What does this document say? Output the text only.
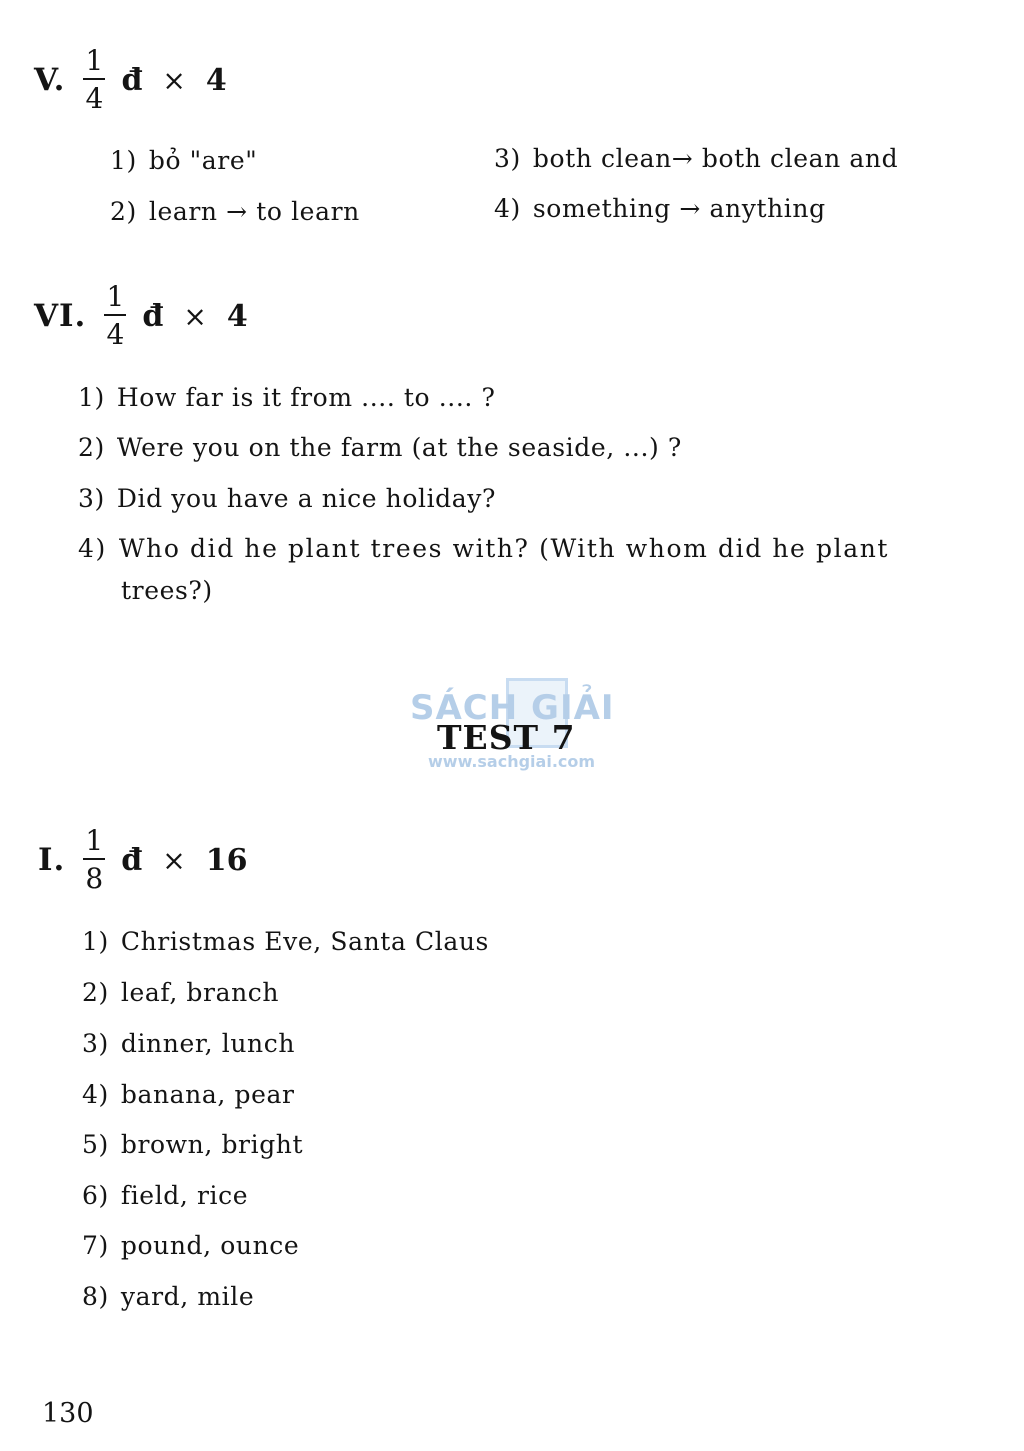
V. $\frac{1}{4}$ đ × 4
1) bỏ "are"
2) learn → to learn
3) both clean→ both clean and
4) something → anything
VI. $\frac{1}{4}$ đ × 4
1) How far is it from .... to .... ?
2) Were you on the farm (at the seaside, ...) ?
3) Did you have a nice holiday?
4) Who did he plant trees with? (With whom did he plant
trees?)
SÁCH GIẢI
www.sachgiai.com
TEST 7
I. $\frac{1}{8}$ đ × 16
1) Christmas Eve, Santa Claus
2) leaf, branch
3) dinner, lunch
4) banana, pear
5) brown, bright
6) field, rice
7) pound, ounce
8) yard, mile
130
